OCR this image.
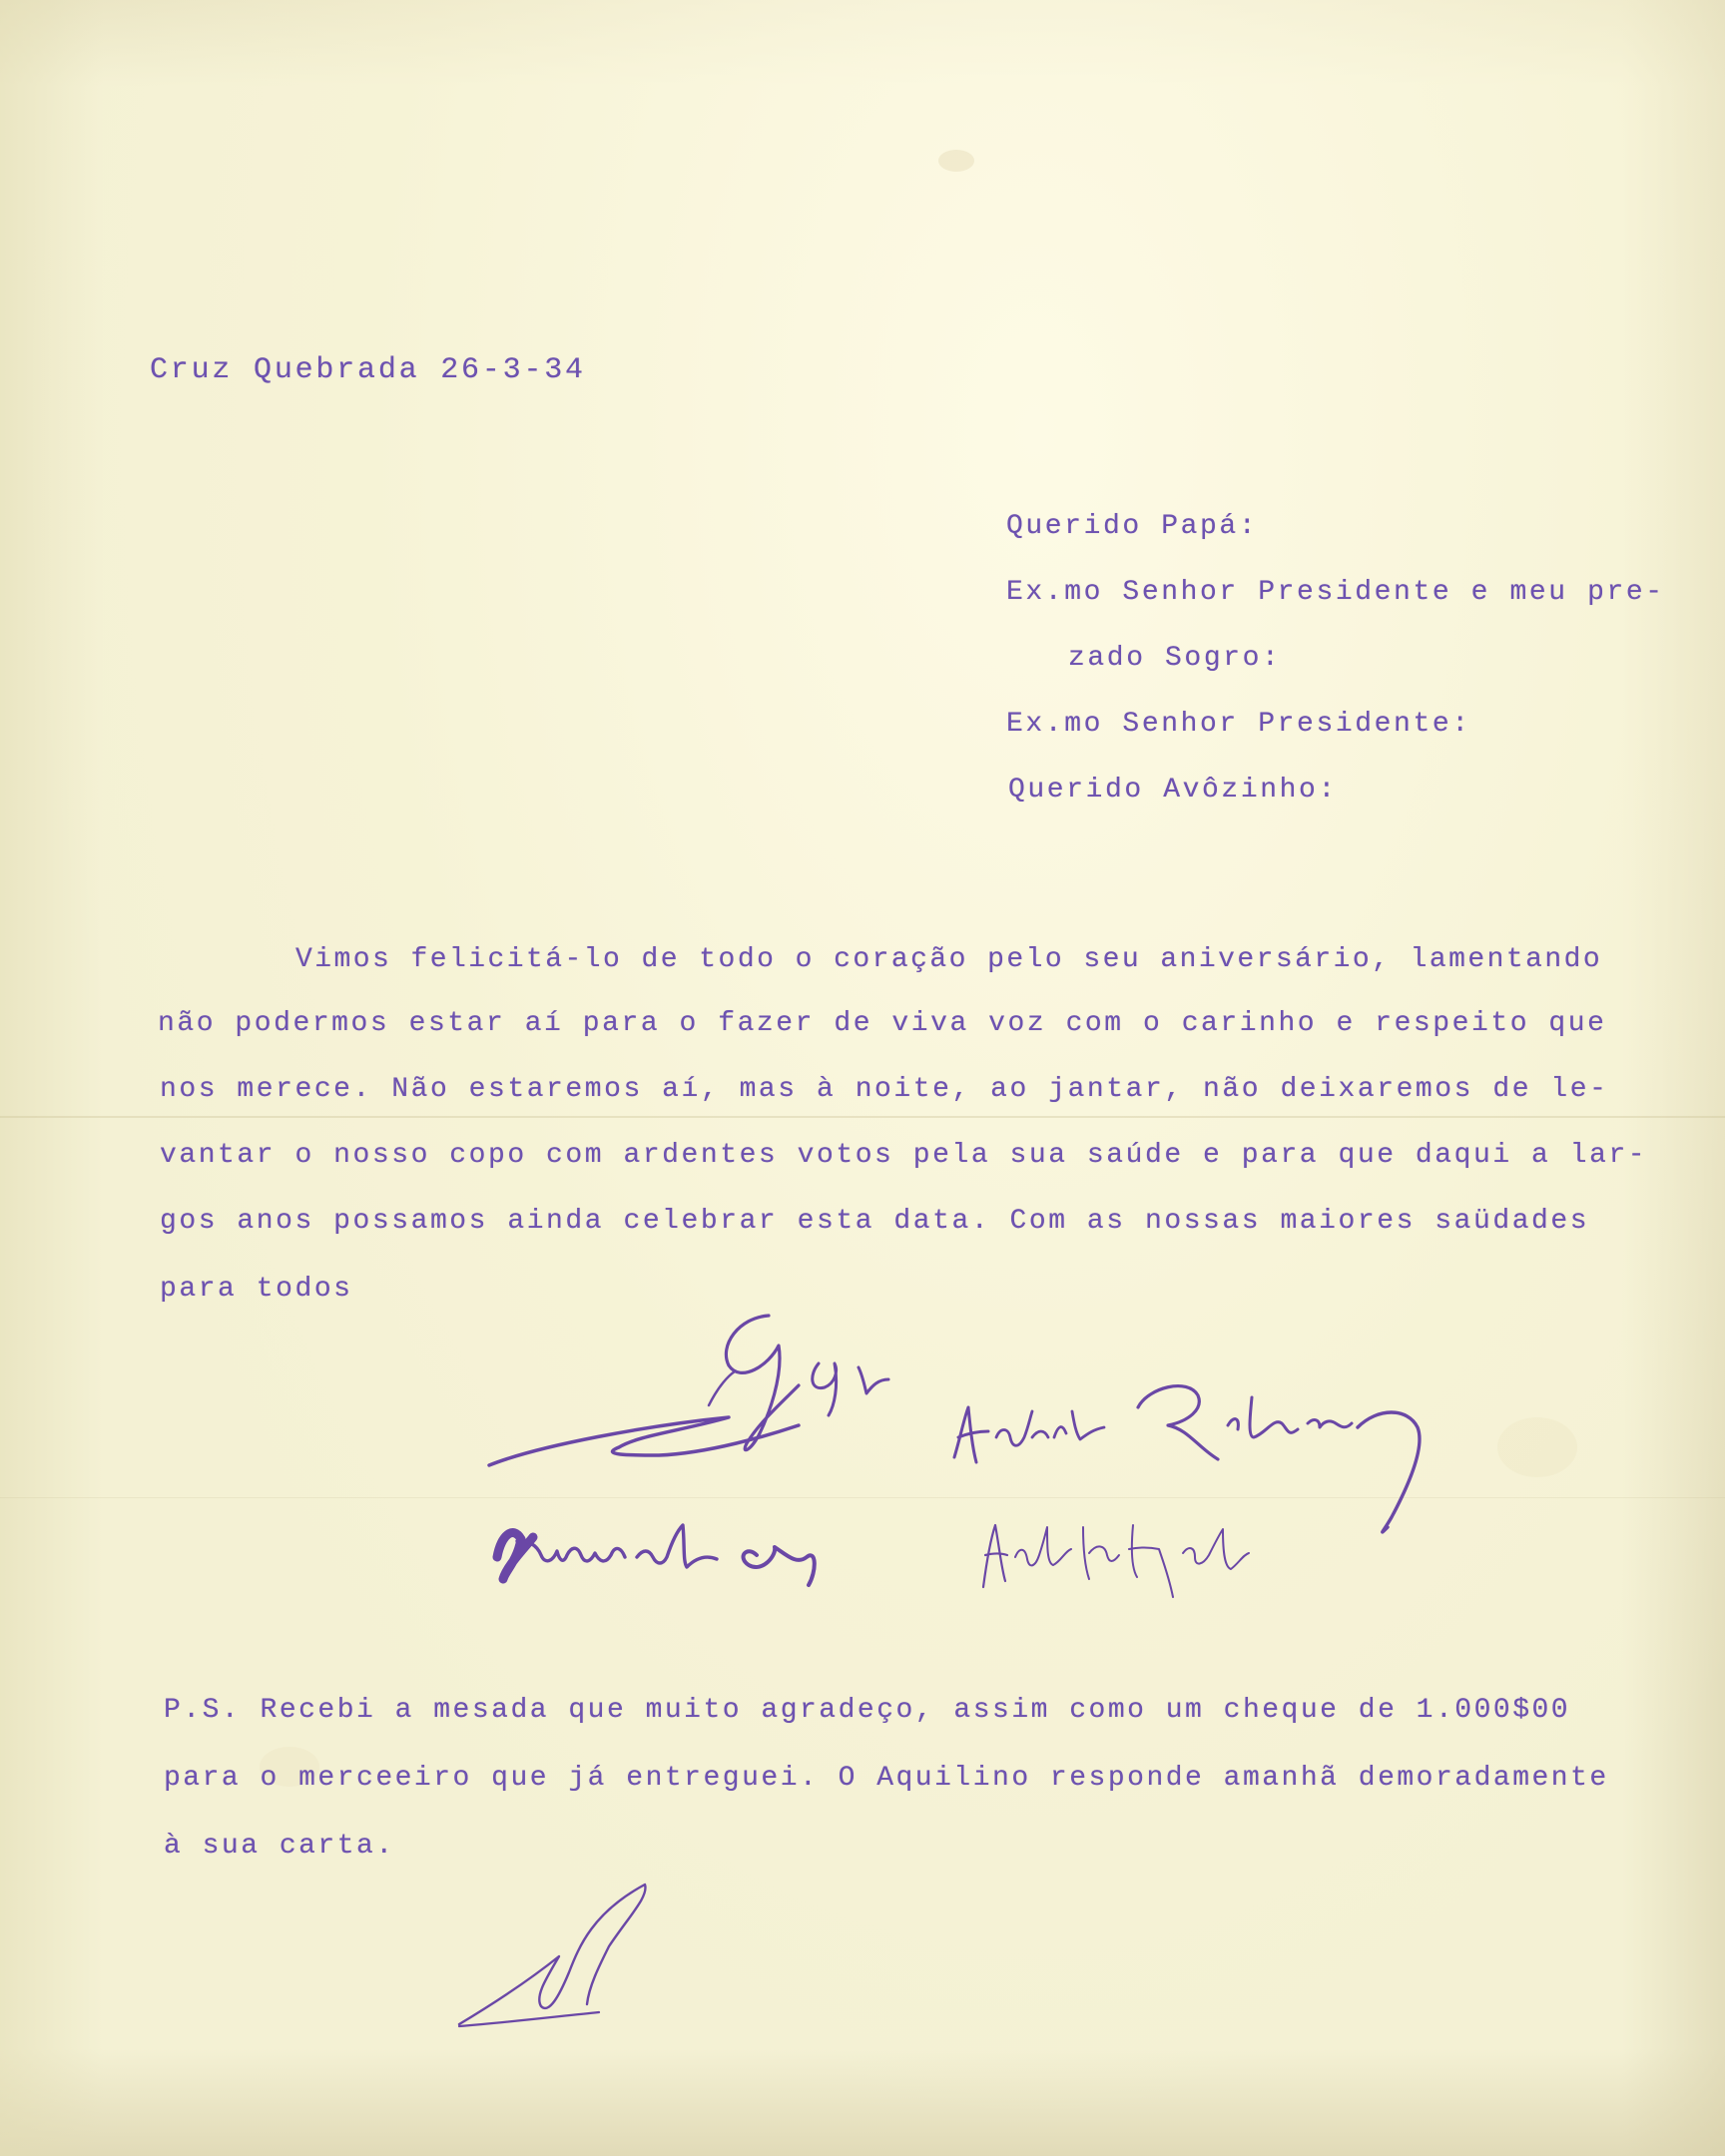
Cruz Quebrada 26-3-34
Querido Papá:
Ex.mo Senhor Presidente e meu pre-
zado Sogro:
Ex.mo Senhor Presidente:
Querido Avôzinho:
Vimos felicitá-lo de todo o coração pelo seu aniversário, lamentando
não podermos estar aí para o fazer de viva voz com o carinho e respeito que
nos merece. Não estaremos aí, mas à noite, ao jantar, não deixaremos de le-
vantar o nosso copo com ardentes votos pela sua saúde e para que daqui a lar-
gos anos possamos ainda celebrar esta data. Com as nossas maiores saüdades
para todos
P.S. Recebi a mesada que muito agradeço, assim como um cheque de 1.000$00
para o merceeiro que já entreguei. O Aquilino responde amanhã demoradamente
à sua carta.
